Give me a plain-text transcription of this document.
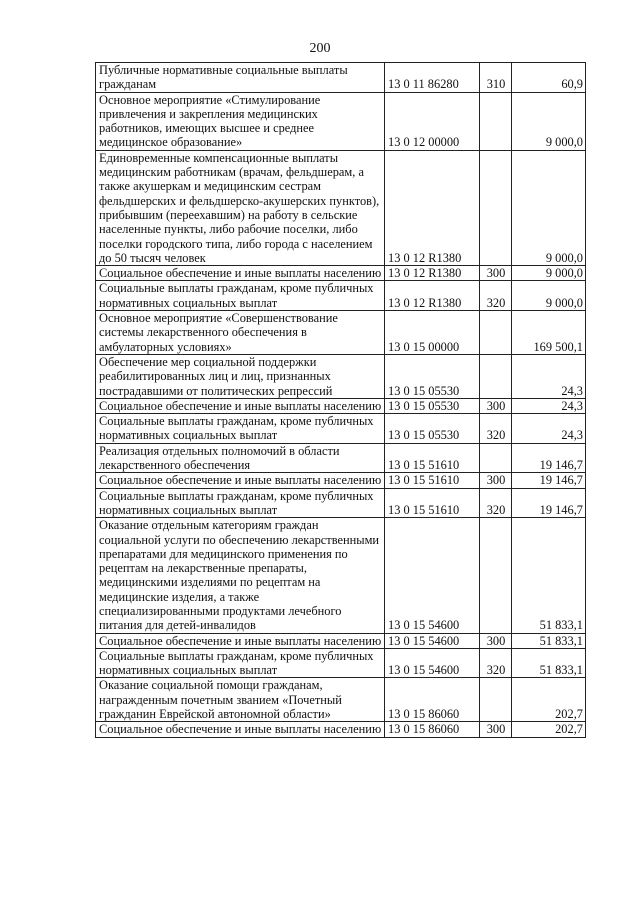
200
Публичные нормативные социальные выплаты гражданам	13 0 11 86280	310	60,9
Основное мероприятие «Стимулирование привлечения и закрепления медицинских работников, имеющих высшее и среднее медицинское образование»	13 0 12 00000		9 000,0
Единовременные компенсационные выплаты медицинским работникам (врачам, фельдшерам, а также акушеркам и медицинским сестрам фельдшерских и фельдшерско-акушерских пунктов), прибывшим (переехавшим) на работу в сельские населенные пункты, либо рабочие поселки, либо поселки городского типа, либо города с населением до 50 тысяч человек	13 0 12 R1380		9 000,0
Социальное обеспечение и иные выплаты населению	13 0 12 R1380	300	9 000,0
Социальные выплаты гражданам, кроме публичных нормативных социальных выплат	13 0 12 R1380	320	9 000,0
Основное мероприятие «Совершенствование системы лекарственного обеспечения в амбулаторных условиях»	13 0 15 00000		169 500,1
Обеспечение мер социальной поддержки реабилитированных лиц и лиц, признанных пострадавшими от политических репрессий	13 0 15 05530		24,3
Социальное обеспечение и иные выплаты населению	13 0 15 05530	300	24,3
Социальные выплаты гражданам, кроме публичных нормативных социальных выплат	13 0 15 05530	320	24,3
Реализация отдельных полномочий в области лекарственного обеспечения	13 0 15 51610		19 146,7
Социальное обеспечение и иные выплаты населению	13 0 15 51610	300	19 146,7
Социальные выплаты гражданам, кроме публичных нормативных социальных выплат	13 0 15 51610	320	19 146,7
Оказание отдельным категориям граждан социальной услуги по обеспечению лекарственными препаратами для медицинского применения по рецептам на лекарственные препараты, медицинскими изделиями по рецептам на медицинские изделия, а также специализированными продуктами лечебного питания для детей-инвалидов	13 0 15 54600		51 833,1
Социальное обеспечение и иные выплаты населению	13 0 15 54600	300	51 833,1
Социальные выплаты гражданам, кроме публичных нормативных социальных выплат	13 0 15 54600	320	51 833,1
Оказание социальной помощи гражданам, награжденным почетным званием «Почетный гражданин Еврейской автономной области»	13 0 15 86060		202,7
Социальное обеспечение и иные выплаты населению	13 0 15 86060	300	202,7
